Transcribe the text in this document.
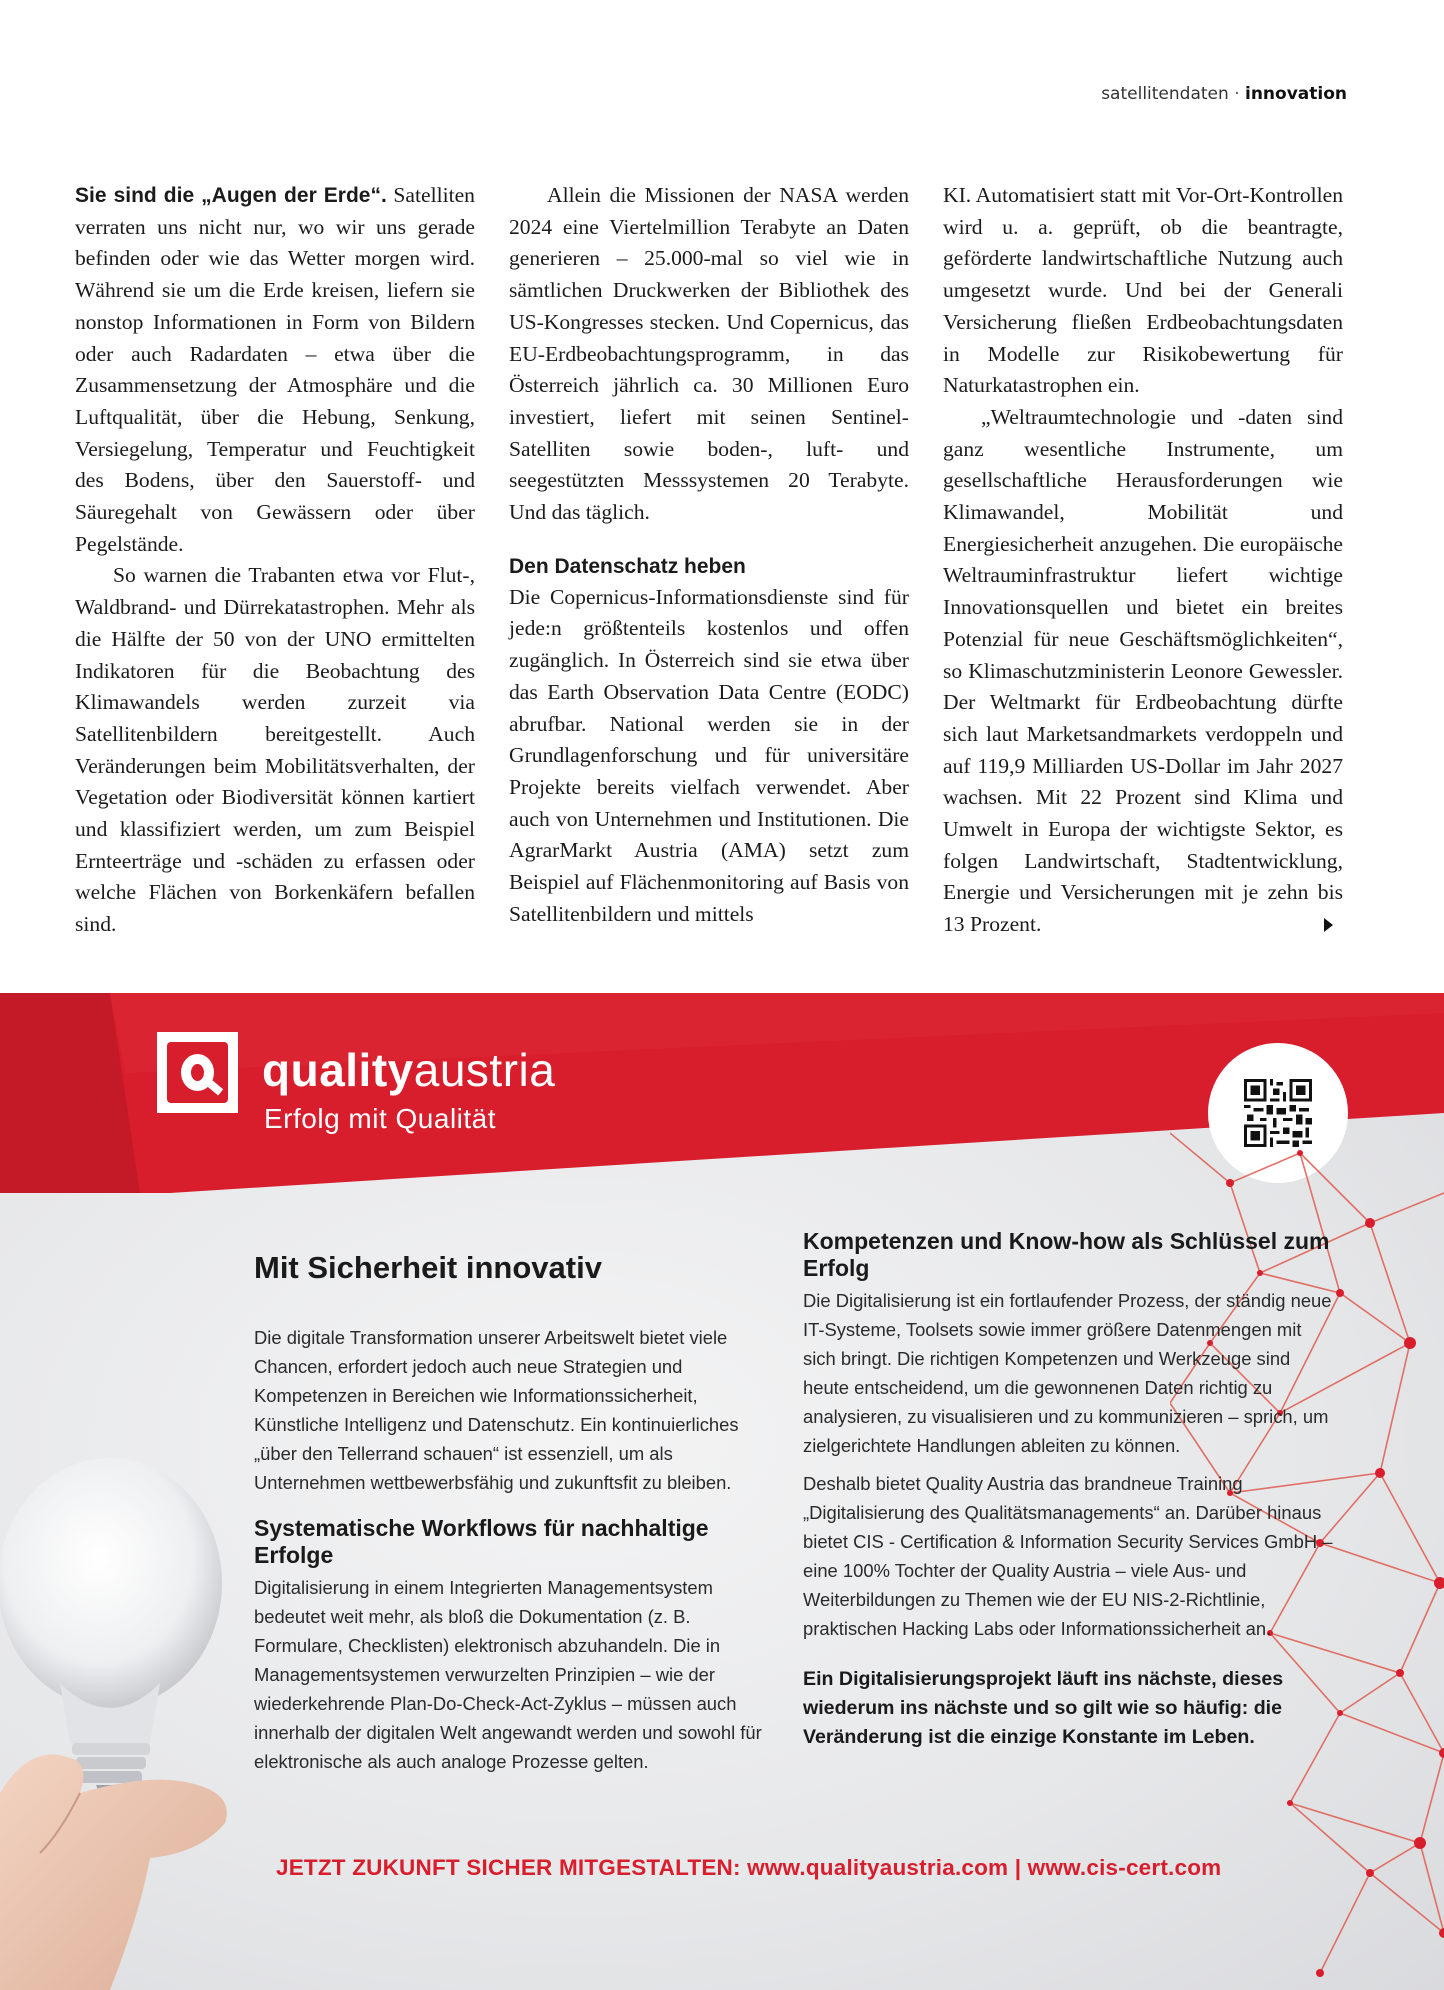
satellitendaten · innovation

Sie sind die „Augen der Erde“. Satelliten verraten uns nicht nur, wo wir uns gerade befinden oder wie das Wetter morgen wird. Während sie um die Erde kreisen, liefern sie nonstop Informationen in Form von Bildern oder auch Radardaten – etwa über die Zusammensetzung der Atmosphäre und die Luftqualität, über die Hebung, Senkung, Versiegelung, Temperatur und Feuchtigkeit des Bodens, über den Sauerstoff- und Säuregehalt von Gewässern oder über Pegelstände.

So warnen die Trabanten etwa vor Flut-, Waldbrand- und Dürrekatastrophen. Mehr als die Hälfte der 50 von der UNO ermittelten Indikatoren für die Beobachtung des Klimawandels werden zurzeit via Satellitenbildern bereitgestellt. Auch Veränderungen beim Mobilitätsverhalten, der Vegetation oder Biodiversität können kartiert und klassifiziert werden, um zum Beispiel Ernteerträge und -schäden zu erfassen oder welche Flächen von Borkenkäfern befallen sind.

Allein die Missionen der NASA werden 2024 eine Viertelmillion Terabyte an Daten generieren – 25.000-mal so viel wie in sämtlichen Druckwerken der Bibliothek des US-Kongresses stecken. Und Copernicus, das EU-Erdbeobachtungsprogramm, in das Österreich jährlich ca. 30 Millionen Euro investiert, liefert mit seinen Sentinel-Satelliten sowie boden-, luft- und seegestützten Messsystemen 20 Terabyte. Und das täglich.

Den Datenschatz heben

Die Copernicus-Informationsdienste sind für jede:n größtenteils kostenlos und offen zugänglich. In Österreich sind sie etwa über das Earth Observation Data Centre (EODC) abrufbar. National werden sie in der Grundlagenforschung und für universitäre Projekte bereits vielfach verwendet. Aber auch von Unternehmen und Institutionen. Die AgrarMarkt Austria (AMA) setzt zum Beispiel auf Flächenmonitoring auf Basis von Satellitenbildern und mittels

KI. Automatisiert statt mit Vor-Ort-Kontrollen wird u. a. geprüft, ob die beantragte, geförderte landwirtschaftliche Nutzung auch umgesetzt wurde. Und bei der Generali Versicherung fließen Erdbeobachtungsdaten in Modelle zur Risikobewertung für Naturkatastrophen ein.

„Weltraumtechnologie und -daten sind ganz wesentliche Instrumente, um gesellschaftliche Herausforderungen wie Klimawandel, Mobilität und Energiesicherheit anzugehen. Die europäische Weltrauminfrastruktur liefert wichtige Innovationsquellen und bietet ein breites Potenzial für neue Geschäftsmöglichkeiten“, so Klimaschutzministerin Leonore Gewessler. Der Weltmarkt für Erdbeobachtung dürfte sich laut Marketsandmarkets verdoppeln und auf 119,9 Milliarden US-Dollar im Jahr 2027 wachsen. Mit 22 Prozent sind Klima und Umwelt in Europa der wichtigste Sektor, es folgen Landwirtschaft, Stadtentwicklung, Energie und Versicherungen mit je zehn bis 13 Prozent.

qualityaustria
Erfolg mit Qualität
Mit Sicherheit innovativ

Die digitale Transformation unserer Arbeitswelt bietet viele Chancen, erfordert jedoch auch neue Strategien und Kompetenzen in Bereichen wie Informationssicherheit, Künstliche Intelligenz und Datenschutz. Ein kontinuierliches „über den Tellerrand schauen“ ist essenziell, um als Unternehmen wettbewerbsfähig und zukunftsfit zu bleiben.

Systematische Workflows für nachhaltige Erfolge

Digitalisierung in einem Integrierten Managementsystem bedeutet weit mehr, als bloß die Dokumentation (z. B. Formulare, Checklisten) elektronisch abzuhandeln. Die in Managementsystemen verwurzelten Prinzipien – wie der wiederkehrende Plan-Do-Check-Act-Zyklus – müssen auch innerhalb der digitalen Welt angewandt werden und sowohl für elektronische als auch analoge Prozesse gelten.

Kompetenzen und Know-how als Schlüssel zum Erfolg

Die Digitalisierung ist ein fortlaufender Prozess, der ständig neue IT-Systeme, Toolsets sowie immer größere Datenmengen mit sich bringt. Die richtigen Kompetenzen und Werkzeuge sind heute entscheidend, um die gewonnenen Daten richtig zu analysieren, zu visualisieren und zu kommunizieren – sprich, um zielgerichtete Handlungen ableiten zu können.

Deshalb bietet Quality Austria das brandneue Training „Digitalisierung des Qualitätsmanagements“ an. Darüber hinaus bietet CIS - Certification & Information Security Services GmbH – eine 100% Tochter der Quality Austria – viele Aus- und Weiterbildungen zu Themen wie der EU NIS-2-Richtlinie, praktischen Hacking Labs oder Informationssicherheit an.

Ein Digitalisierungsprojekt läuft ins nächste, dieses wiederum ins nächste und so gilt wie so häufig: die Veränderung ist die einzige Konstante im Leben.

JETZT ZUKUNFT SICHER MITGESTALTEN: www.qualityaustria.com | www.cis-cert.com
